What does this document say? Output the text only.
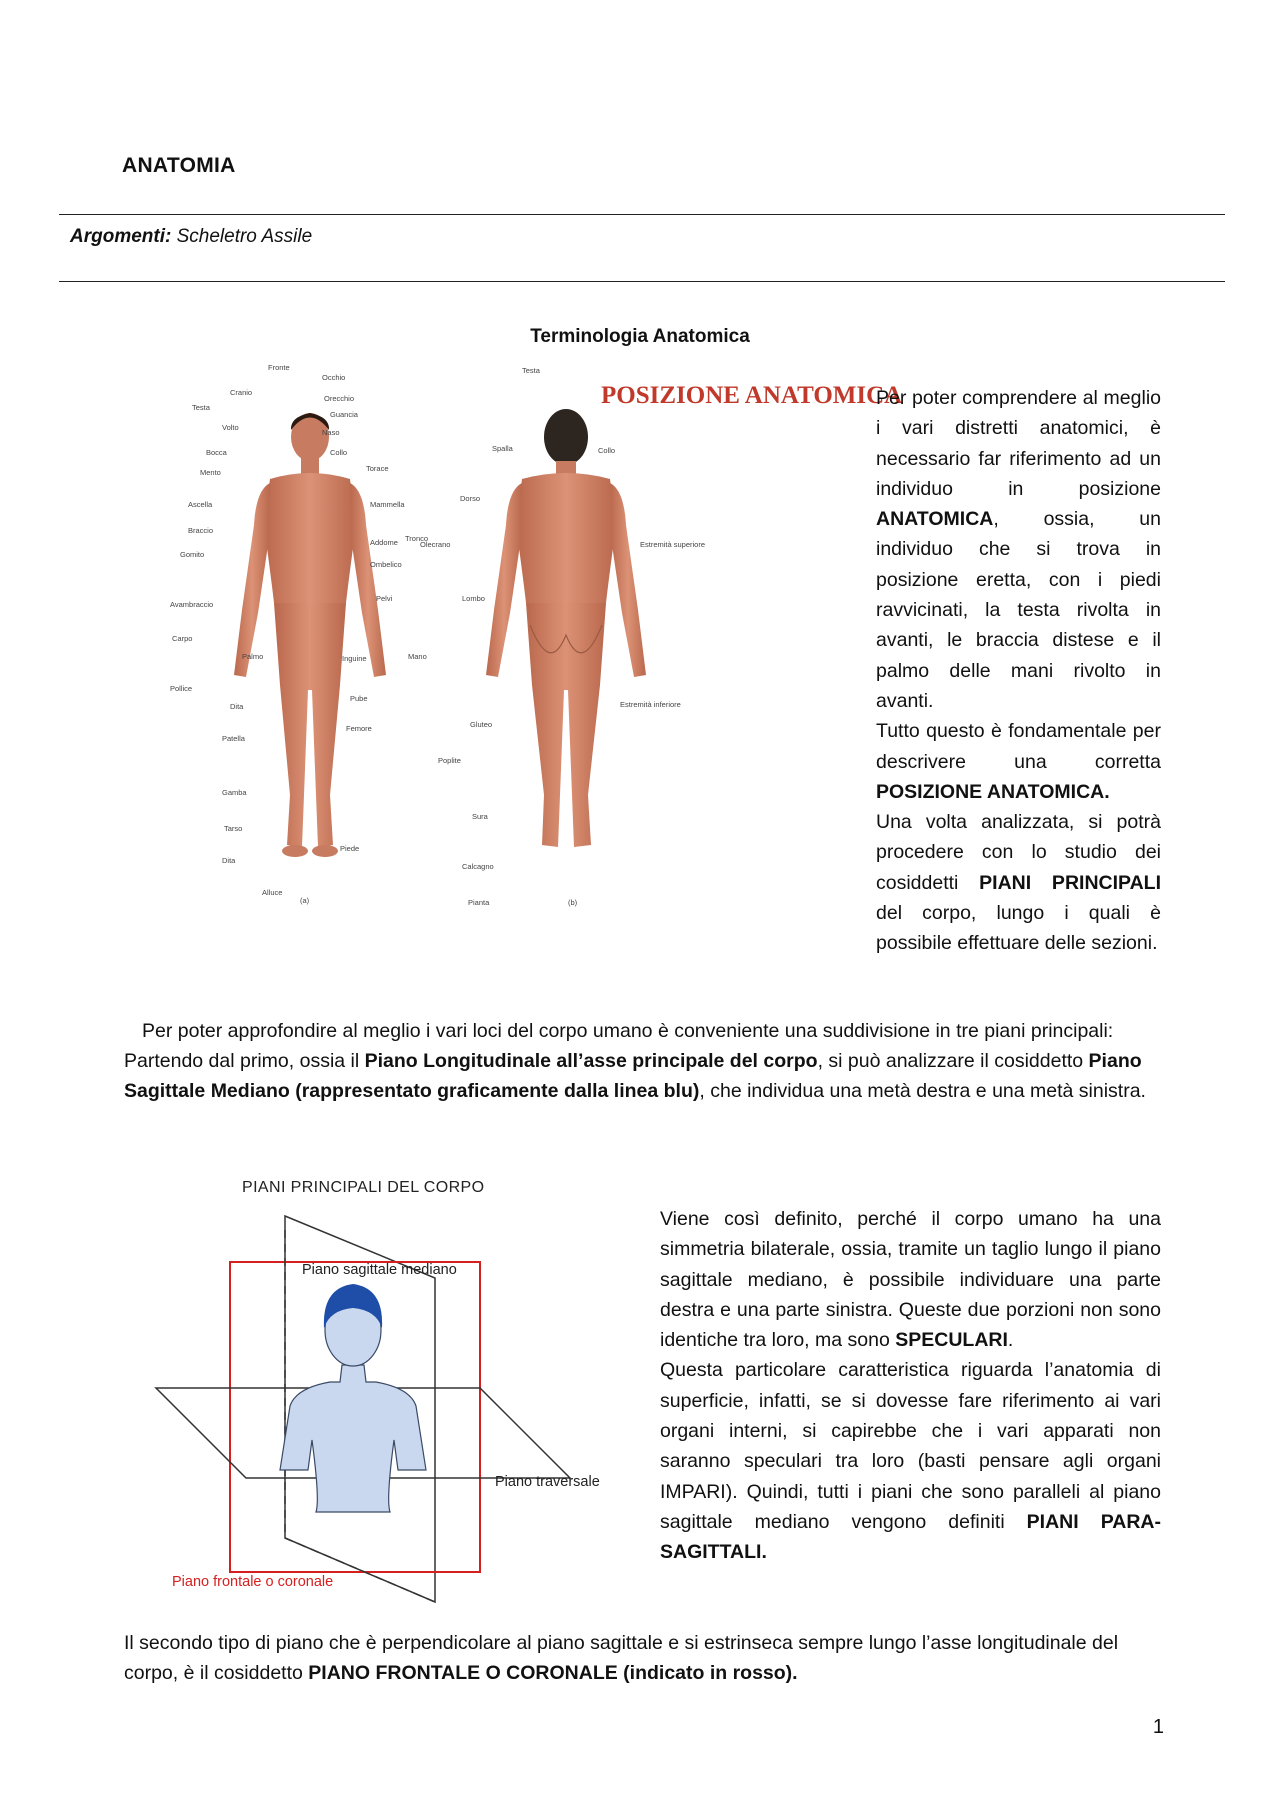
ANATOMIA
Argomenti: Scheletro Assile
Terminologia Anatomica
POSIZIONE ANATOMICA
Fronte
Occhio
Cranio
Orecchio
Testa
Guancia
Volto
Naso
Bocca	Collo
Mento	Torace
Ascella	Mammella
Braccio
Addome
Gomito
Ombelico
Tronco
Avambraccio
Pelvi
Carpo
Palmo	Inguine	Mano
Pollice
Dita
Pube
Femore
Patella
Gamba
Tarso
Piede
Dita
Alluce
(a)
Testa
Spalla	Collo
Dorso
Olecrano	Estremità superiore
Lombo
Gluteo
Estremità inferiore
Poplite
Sura
Calcagno
Pianta	(b)

Per poter comprendere al meglio i vari distretti anatomici, è necessario far riferimento ad un individuo in posizione ANATOMICA, ossia, un individuo che si trova in posizione eretta, con i piedi ravvicinati, la testa rivolta in avanti, le braccia distese e il palmo delle mani rivolto in avanti.

Tutto questo è fondamentale per descrivere una corretta POSIZIONE ANATOMICA.

Una volta analizzata, si potrà procedere con lo studio dei cosiddetti PIANI PRINCIPALI del corpo, lungo i quali è possibile effettuare delle sezioni.

Per poter approfondire al meglio i vari loci del corpo umano è conveniente una suddivisione in tre piani principali:

Partendo dal primo, ossia il Piano Longitudinale all’asse principale del corpo, si può analizzare il cosiddetto Piano Sagittale Mediano (rappresentato graficamente dalla linea blu), che individua una metà destra e una metà sinistra.

PIANI PRINCIPALI DEL CORPO
Piano sagittale mediano
Piano traversale
Piano frontale o coronale

Viene così definito, perché il corpo umano ha una simmetria bilaterale, ossia, tramite un taglio lungo il piano sagittale mediano, è possibile individuare una parte destra e una parte sinistra. Queste due porzioni non sono identiche tra loro, ma sono SPECULARI.

Questa particolare caratteristica riguarda l’anatomia di superficie, infatti, se si dovesse fare riferimento ai vari organi interni, si capirebbe che i vari apparati non saranno speculari tra loro (basti pensare agli organi IMPARI). Quindi, tutti i piani che sono paralleli al piano sagittale mediano vengono definiti PIANI PARA-SAGITTALI.

Il secondo tipo di piano che è perpendicolare al piano sagittale e si estrinseca sempre lungo l’asse longitudinale del corpo, è il cosiddetto PIANO FRONTALE O CORONALE (indicato in rosso).

1
